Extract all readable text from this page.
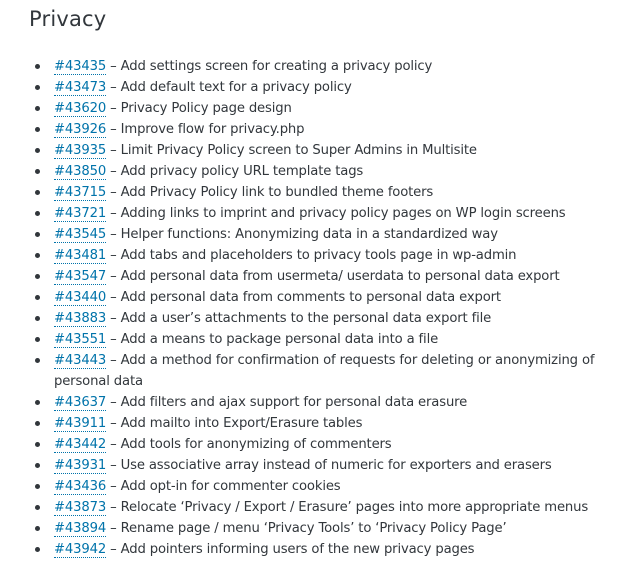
Privacy
#43435 – Add settings screen for creating a privacy policy
#43473 – Add default text for a privacy policy
#43620 – Privacy Policy page design
#43926 – Improve flow for privacy.php
#43935 – Limit Privacy Policy screen to Super Admins in Multisite
#43850 – Add privacy policy URL template tags
#43715 – Add Privacy Policy link to bundled theme footers
#43721 – Adding links to imprint and privacy policy pages on WP login screens
#43545 – Helper functions: Anonymizing data in a standardized way
#43481 – Add tabs and placeholders to privacy tools page in wp-admin
#43547 – Add personal data from usermeta/ userdata to personal data export
#43440 – Add personal data from comments to personal data export
#43883 – Add a user’s attachments to the personal data export file
#43551 – Add a means to package personal data into a file
#43443 – Add a method for confirmation of requests for deleting or anonymizing of personal data
#43637 – Add filters and ajax support for personal data erasure
#43911 – Add mailto into Export/Erasure tables
#43442 – Add tools for anonymizing of commenters
#43931 – Use associative array instead of numeric for exporters and erasers
#43436 – Add opt-in for commenter cookies
#43873 – Relocate ‘Privacy / Export / Erasure’ pages into more appropriate menus
#43894 – Rename page / menu ‘Privacy Tools’ to ‘Privacy Policy Page’
#43942 – Add pointers informing users of the new privacy pages
